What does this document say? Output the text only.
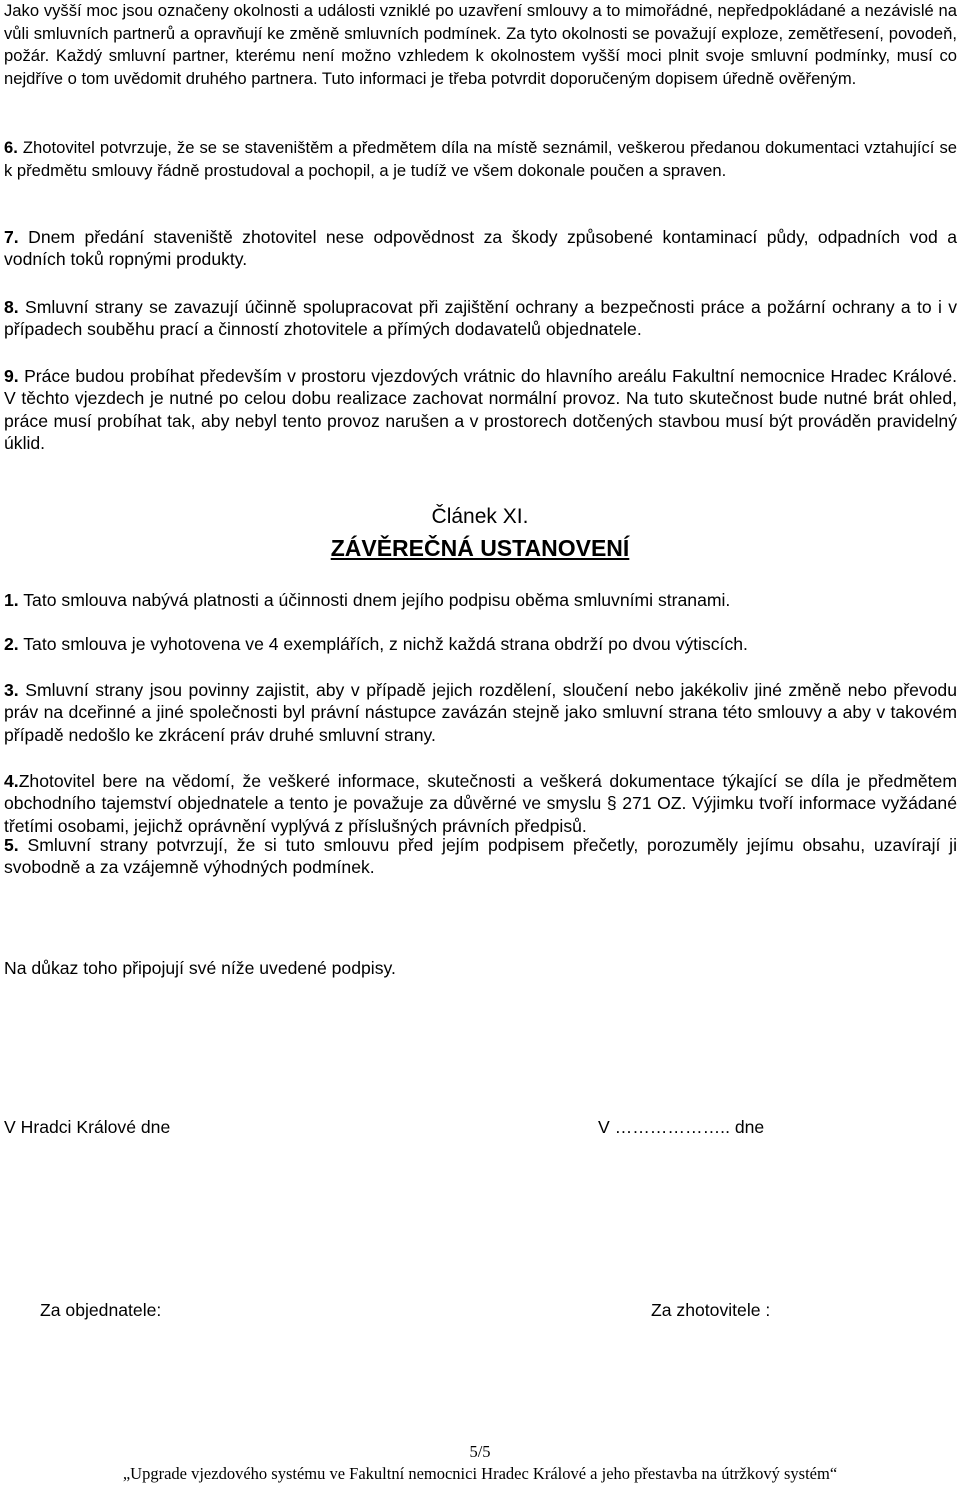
Jako vyšší moc jsou označeny okolnosti a události vzniklé po uzavření smlouvy a to mimořádné, nepředpokládané a nezávislé na vůli smluvních partnerů a opravňují ke změně smluvních podmínek. Za tyto okolnosti se považují exploze, zemětřesení, povodeň, požár. Každý smluvní partner, kterému není možno vzhledem k okolnostem vyšší moci plnit svoje smluvní podmínky, musí co nejdříve o tom uvědomit druhého partnera. Tuto informaci je třeba potvrdit doporučeným dopisem úředně ověřeným.

6. Zhotovitel potvrzuje, že se se staveništěm a předmětem díla na místě seznámil, veškerou předanou dokumentaci vztahující se k předmětu smlouvy řádně prostudoval a pochopil, a je tudíž ve všem dokonale poučen a spraven.

7. Dnem předání staveniště zhotovitel nese odpovědnost za škody způsobené kontaminací půdy, odpadních vod a vodních toků ropnými produkty.

8. Smluvní strany se zavazují účinně spolupracovat při zajištění ochrany a bezpečnosti práce a požární ochrany a to i v případech souběhu prací a činností zhotovitele a přímých dodavatelů objednatele.

9. Práce budou probíhat především v prostoru vjezdových vrátnic do hlavního areálu Fakultní nemocnice Hradec Králové. V těchto vjezdech je nutné po celou dobu realizace zachovat normální provoz. Na tuto skutečnost bude nutné brát ohled, práce musí probíhat tak, aby nebyl tento provoz narušen a v prostorech dotčených stavbou musí být prováděn pravidelný úklid.

Článek XI.

ZÁVĚREČNÁ USTANOVENÍ

1. Tato smlouva nabývá platnosti a účinnosti dnem jejího podpisu oběma smluvními stranami.

2. Tato smlouva je vyhotovena ve 4 exemplářích, z nichž každá strana obdrží po dvou výtiscích.

3. Smluvní strany jsou povinny zajistit, aby v případě jejich rozdělení, sloučení nebo jakékoliv jiné změně nebo převodu práv na dceřinné a jiné společnosti byl právní nástupce zavázán stejně jako smluvní strana této smlouvy a aby v takovém případě nedošlo ke zkrácení práv druhé smluvní strany.

4.Zhotovitel bere na vědomí, že veškeré informace, skutečnosti a veškerá dokumentace týkající se díla je předmětem obchodního tajemství objednatele a tento je považuje za důvěrné ve smyslu § 271 OZ. Výjimku tvoří informace vyžádané třetími osobami, jejichž oprávnění vyplývá z příslušných právních předpisů.

5. Smluvní strany potvrzují, že si tuto smlouvu před jejím podpisem přečetly, porozuměly jejímu obsahu, uzavírají ji svobodně a za vzájemně výhodných podmínek.

Na důkaz toho připojují své níže uvedené podpisy.

V Hradci Králové dne	V ……………….. dne

Za objednatele:	Za zhotovitele :

5/5

„Upgrade vjezdového systému ve Fakultní nemocnici Hradec Králové a jeho přestavba na útržkový systém“
